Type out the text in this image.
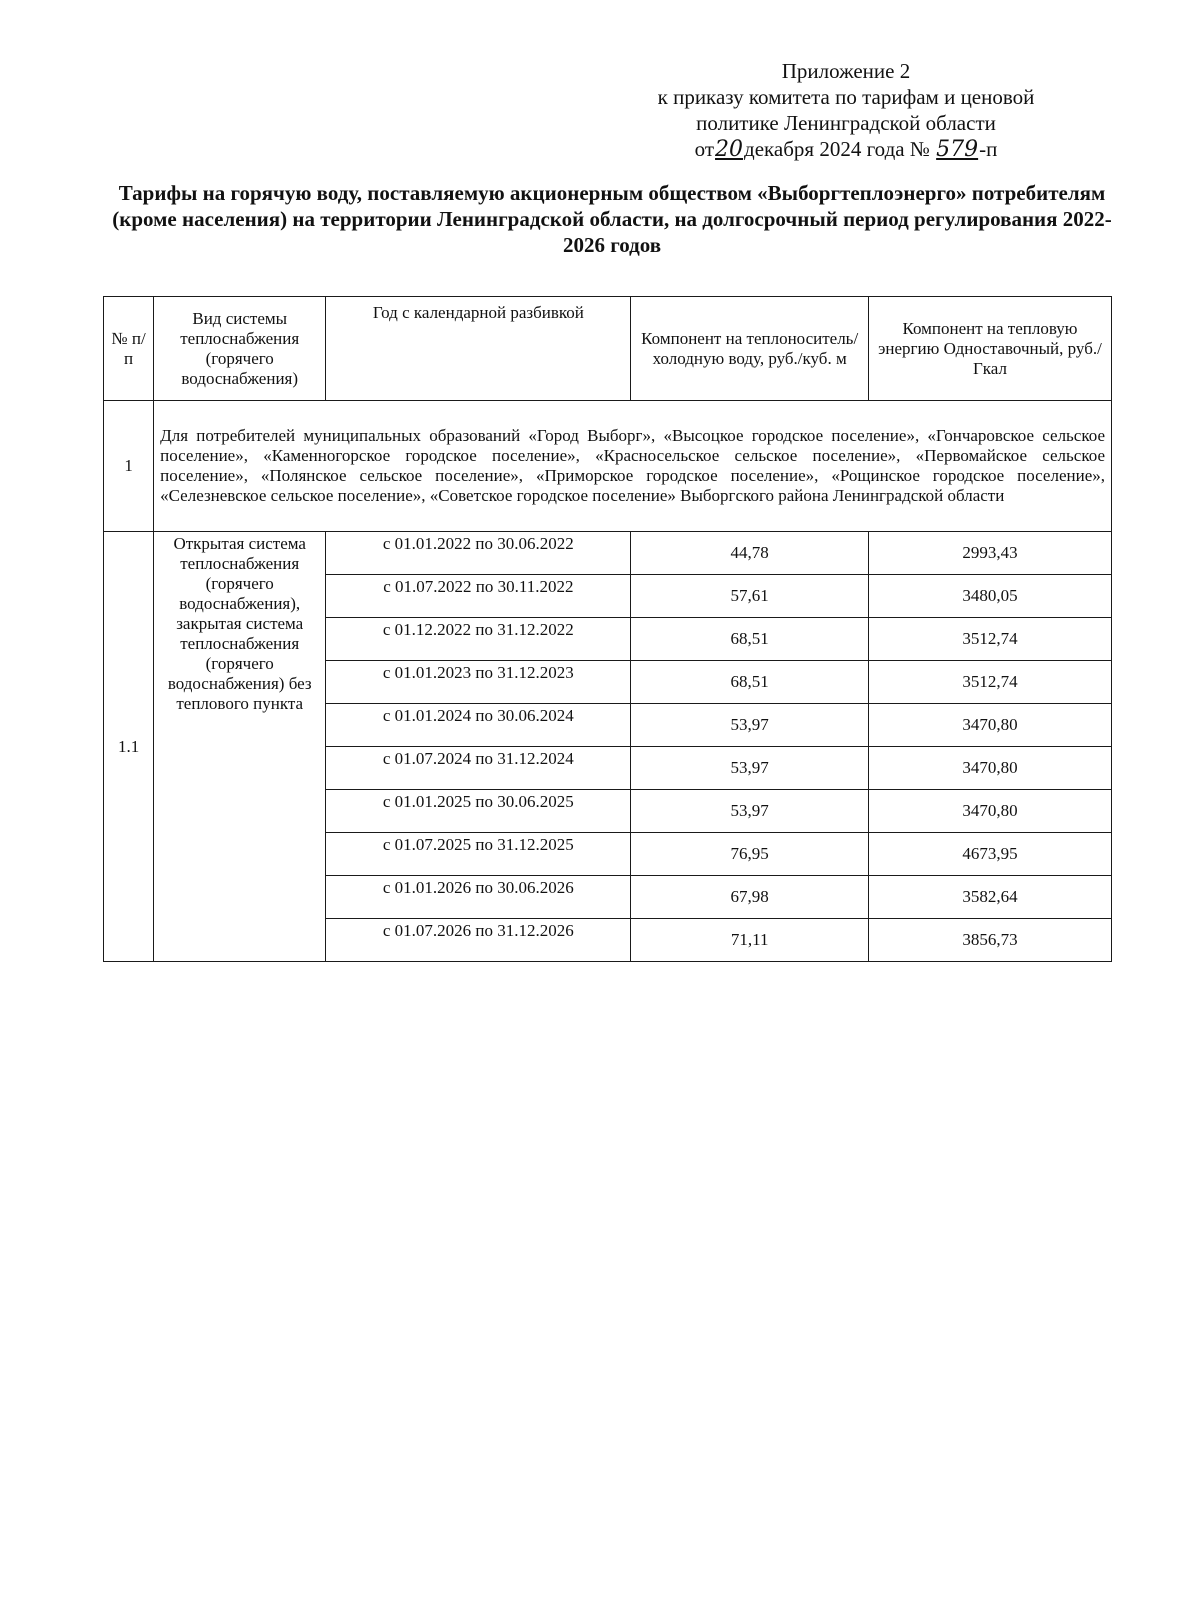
Приложение 2
к приказу комитета по тарифам и ценовой
политике Ленинградской области
от20декабря 2024 года № 579-п
Тарифы на горячую воду, поставляемую акционерным обществом «Выборгтеплоэнерго» потребителям (кроме населения) на территории Ленинградской области, на долгосрочный период регулирования 2022-2026 годов
№ п/п	Вид системы теплоснабжения (горячего водоснабжения)	Год с календарной разбивкой	Компонент на теплоноситель/холодную воду, руб./куб. м	Компонент на тепловую энергию Одноставочный, руб./Гкал
1	Для потребителей муниципальных образований «Город Выборг», «Высоцкое городское поселение», «Гончаровское сельское поселение», «Каменногорское городское поселение», «Красносельское сельское поселение», «Первомайское сельское поселение», «Полянское сельское поселение», «Приморское городское поселение», «Рощинское городское поселение», «Селезневское сельское поселение», «Советское городское поселение» Выборгского района Ленинградской области			
1.1	Открытая система теплоснабжения (горячего водоснабжения), закрытая система теплоснабжения (горячего водоснабжения) без теплового пункта	с 01.01.2022 по 30.06.2022	44,78	2993,43
		с 01.07.2022 по 30.11.2022	57,61	3480,05
		с 01.12.2022 по 31.12.2022	68,51	3512,74
		с 01.01.2023 по 31.12.2023	68,51	3512,74
		с 01.01.2024 по 30.06.2024	53,97	3470,80
		с 01.07.2024 по 31.12.2024	53,97	3470,80
		с 01.01.2025 по 30.06.2025	53,97	3470,80
		с 01.07.2025 по 31.12.2025	76,95	4673,95
		с 01.01.2026 по 30.06.2026	67,98	3582,64
		с 01.07.2026 по 31.12.2026	71,11	3856,73
